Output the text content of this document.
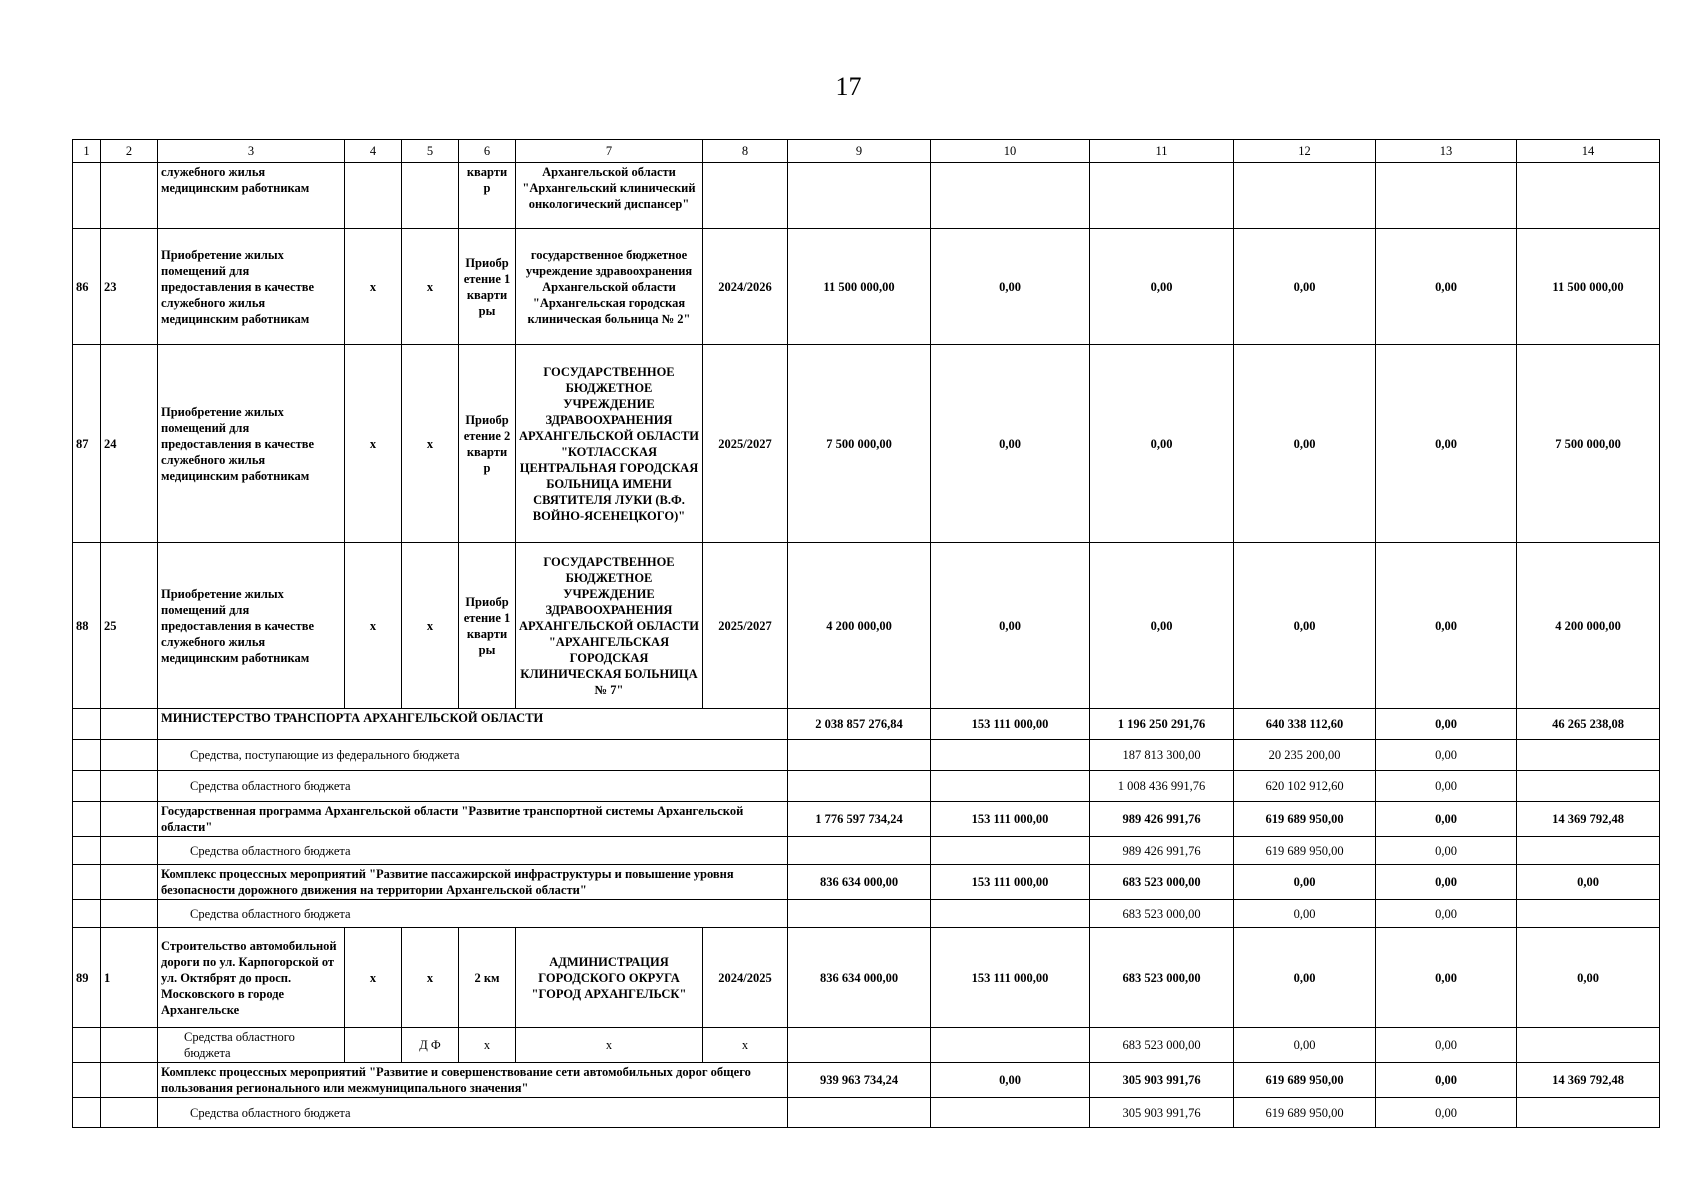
17
1	2	3	4	5	6	7	8	9	10	11	12	13	14
		служебного жилья медицинским работникам			кварти р	Архангельской области "Архангельский клинический онкологический диспансер"							
86	23	Приобретение жилых помещений для предоставления в качестве служебного жилья медицинским работникам	x	x	Приобр етение 1 кварти ры	государственное бюджетное учреждение здравоохранения Архангельской области "Архангельская городская клиническая больница № 2"	2024/2026	11 500 000,00	0,00	0,00	0,00	0,00	11 500 000,00
87	24	Приобретение жилых помещений для предоставления в качестве служебного жилья медицинским работникам	x	x	Приобр етение 2 кварти р	ГОСУДАРСТВЕННОЕ БЮДЖЕТНОЕ УЧРЕЖДЕНИЕ ЗДРАВООХРАНЕНИЯ АРХАНГЕЛЬСКОЙ ОБЛАСТИ "КОТЛАССКАЯ ЦЕНТРАЛЬНАЯ ГОРОДСКАЯ БОЛЬНИЦА ИМЕНИ СВЯТИТЕЛЯ ЛУКИ (В.Ф. ВОЙНО-ЯСЕНЕЦКОГО)"	2025/2027	7 500 000,00	0,00	0,00	0,00	0,00	7 500 000,00
88	25	Приобретение жилых помещений для предоставления в качестве служебного жилья медицинским работникам	x	x	Приобр етение 1 кварти ры	ГОСУДАРСТВЕННОЕ БЮДЖЕТНОЕ УЧРЕЖДЕНИЕ ЗДРАВООХРАНЕНИЯ АРХАНГЕЛЬСКОЙ ОБЛАСТИ "АРХАНГЕЛЬСКАЯ ГОРОДСКАЯ КЛИНИЧЕСКАЯ БОЛЬНИЦА № 7"	2025/2027	4 200 000,00	0,00	0,00	0,00	0,00	4 200 000,00
		МИНИСТЕРСТВО ТРАНСПОРТА АРХАНГЕЛЬСКОЙ ОБЛАСТИ						2 038 857 276,84	153 111 000,00	1 196 250 291,76	640 338 112,60	0,00	46 265 238,08
		Средства, поступающие из федерального бюджета								187 813 300,00	20 235 200,00	0,00	
		Средства областного бюджета								1 008 436 991,76	620 102 912,60	0,00	
		Государственная программа Архангельской области "Развитие транспортной системы Архангельской области"						1 776 597 734,24	153 111 000,00	989 426 991,76	619 689 950,00	0,00	14 369 792,48
		Средства областного бюджета								989 426 991,76	619 689 950,00	0,00	
		Комплекс процессных мероприятий "Развитие пассажирской инфраструктуры и повышение уровня безопасности дорожного движения на территории Архангельской области"						836 634 000,00	153 111 000,00	683 523 000,00	0,00	0,00	0,00
		Средства областного бюджета								683 523 000,00	0,00	0,00	
89	1	Строительство автомобильной дороги по ул. Карпогорской от ул. Октябрят до просп. Московского в городе Архангельске	x	x	2 км	АДМИНИСТРАЦИЯ ГОРОДСКОГО ОКРУГА "ГОРОД АРХАНГЕЛЬСК"	2024/2025	836 634 000,00	153 111 000,00	683 523 000,00	0,00	0,00	0,00
		Средства областного бюджета		Д Ф	x	x	x			683 523 000,00	0,00	0,00	
		Комплекс процессных мероприятий "Развитие и совершенствование сети автомобильных дорог общего пользования регионального или межмуниципального значения"						939 963 734,24	0,00	305 903 991,76	619 689 950,00	0,00	14 369 792,48
		Средства областного бюджета								305 903 991,76	619 689 950,00	0,00	
